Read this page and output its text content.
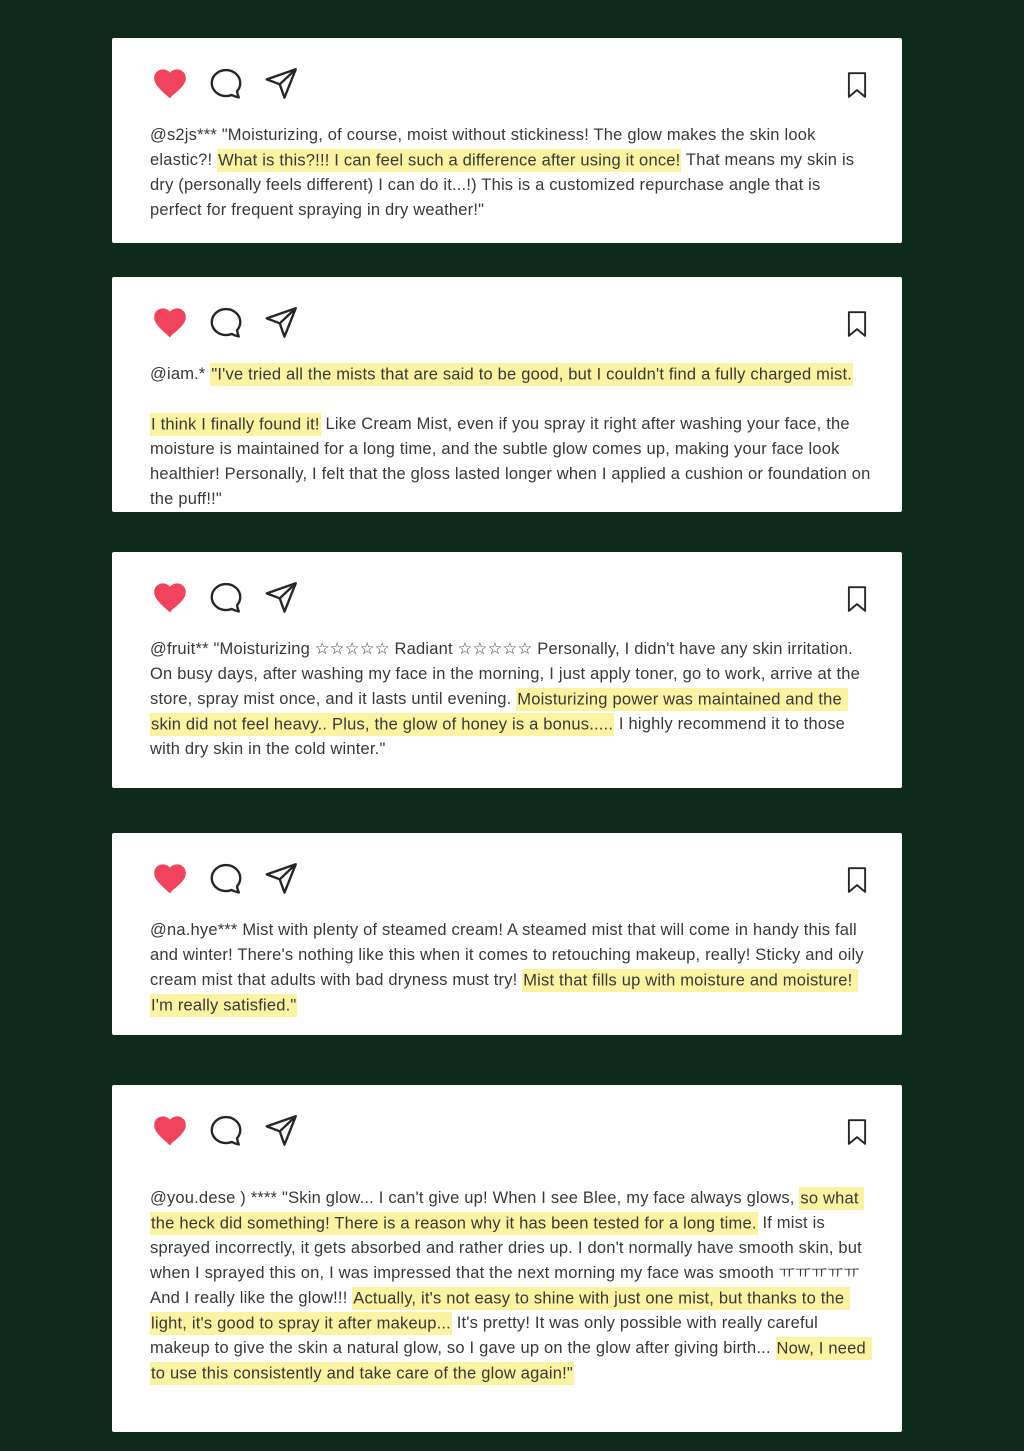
@s2js*** "Moisturizing, of course, moist without stickiness! The glow makes the skin look elastic?! What is this?!!! I can feel such a difference after using it once! That means my skin is dry (personally feels different) I can do it...!) This is a customized repurchase angle that is perfect for frequent spraying in dry weather!"

@iam.* "I've tried all the mists that are said to be good, but I couldn't find a fully charged mist.

I think I finally found it! Like Cream Mist, even if you spray it right after washing your face, the moisture is maintained for a long time, and the subtle glow comes up, making your face look healthier! Personally, I felt that the gloss lasted longer when I applied a cushion or foundation on the puff!!"

@fruit** "Moisturizing ☆☆☆☆☆ Radiant ☆☆☆☆☆ Personally, I didn't have any skin irritation. On busy days, after washing my face in the morning, I just apply toner, go to work, arrive at the store, spray mist once, and it lasts until evening. Moisturizing power was maintained and the skin did not feel heavy.. Plus, the glow of honey is a bonus..... I highly recommend it to those with dry skin in the cold winter."

@na.hye*** Mist with plenty of steamed cream! A steamed mist that will come in handy this fall and winter! There's nothing like this when it comes to retouching makeup, really! Sticky and oily cream mist that adults with bad dryness must try! Mist that fills up with moisture and moisture! I'm really satisfied."

@you.dese ) **** "Skin glow... I can't give up! When I see Blee, my face always glows, so what the heck did something! There is a reason why it has been tested for a long time. If mist is sprayed incorrectly, it gets absorbed and rather dries up. I don't normally have smooth skin, but when I sprayed this on, I was impressed that the next morning my face was smooth ㅠㅠㅠㅠㅠ And I really like the glow!!! Actually, it's not easy to shine with just one mist, but thanks to the light, it's good to spray it after makeup... It's pretty! It was only possible with really careful makeup to give the skin a natural glow, so I gave up on the glow after giving birth... Now, I need to use this consistently and take care of the glow again!"
